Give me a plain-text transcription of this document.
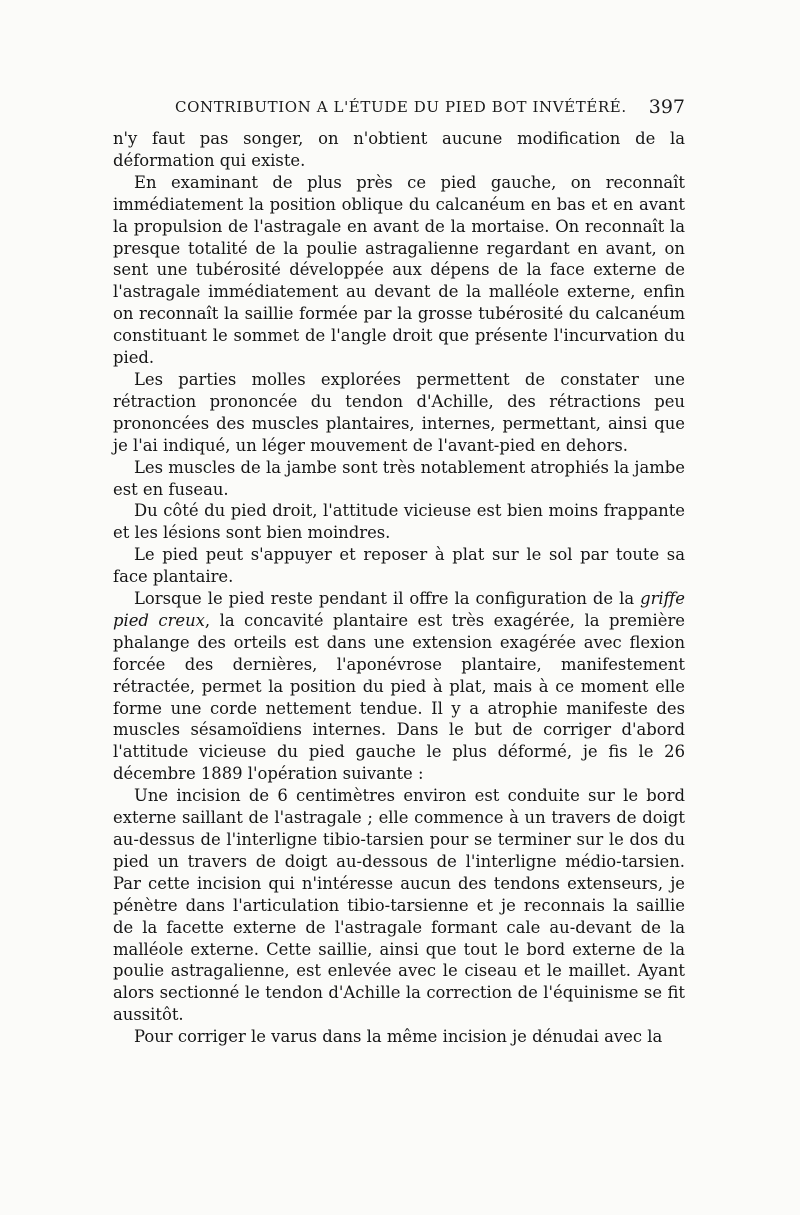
CONTRIBUTION A L'ÉTUDE DU PIED BOT INVÉTÉRÉ. 397

n'y faut pas songer, on n'obtient aucune modification de la déformation qui existe.

En examinant de plus près ce pied gauche, on reconnaît immédiatement la position oblique du calcanéum en bas et en avant la propulsion de l'astragale en avant de la mortaise. On reconnaît la presque totalité de la poulie astragalienne regardant en avant, on sent une tubérosité développée aux dépens de la face externe de l'astragale immédiatement au devant de la malléole externe, enfin on reconnaît la saillie formée par la grosse tubérosité du calcanéum constituant le sommet de l'angle droit que présente l'incurvation du pied.

Les parties molles explorées permettent de constater une rétraction prononcée du tendon d'Achille, des rétractions peu prononcées des muscles plantaires, internes, permettant, ainsi que je l'ai indiqué, un léger mouvement de l'avant-pied en dehors.

Les muscles de la jambe sont très notablement atrophiés la jambe est en fuseau.

Du côté du pied droit, l'attitude vicieuse est bien moins frappante et les lésions sont bien moindres.

Le pied peut s'appuyer et reposer à plat sur le sol par toute sa face plantaire.

Lorsque le pied reste pendant il offre la configuration de la griffe pied creux, la concavité plantaire est très exagérée, la première phalange des orteils est dans une extension exagérée avec flexion forcée des dernières, l'aponévrose plantaire, manifestement rétractée, permet la position du pied à plat, mais à ce moment elle forme une corde nettement tendue. Il y a atrophie manifeste des muscles sésamoïdiens internes. Dans le but de corriger d'abord l'attitude vicieuse du pied gauche le plus déformé, je fis le 26 décembre 1889 l'opération suivante :

Une incision de 6 centimètres environ est conduite sur le bord externe saillant de l'astragale ; elle commence à un travers de doigt au-dessus de l'interligne tibio-tarsien pour se terminer sur le dos du pied un travers de doigt au-dessous de l'interligne médio-tarsien. Par cette incision qui n'intéresse aucun des tendons extenseurs, je pénètre dans l'articulation tibio-tarsienne et je reconnais la saillie de la facette externe de l'astragale formant cale au-devant de la malléole externe. Cette saillie, ainsi que tout le bord externe de la poulie astragalienne, est enlevée avec le ciseau et le maillet. Ayant alors sectionné le tendon d'Achille la correction de l'équinisme se fit aussitôt.

Pour corriger le varus dans la même incision je dénudai avec la
